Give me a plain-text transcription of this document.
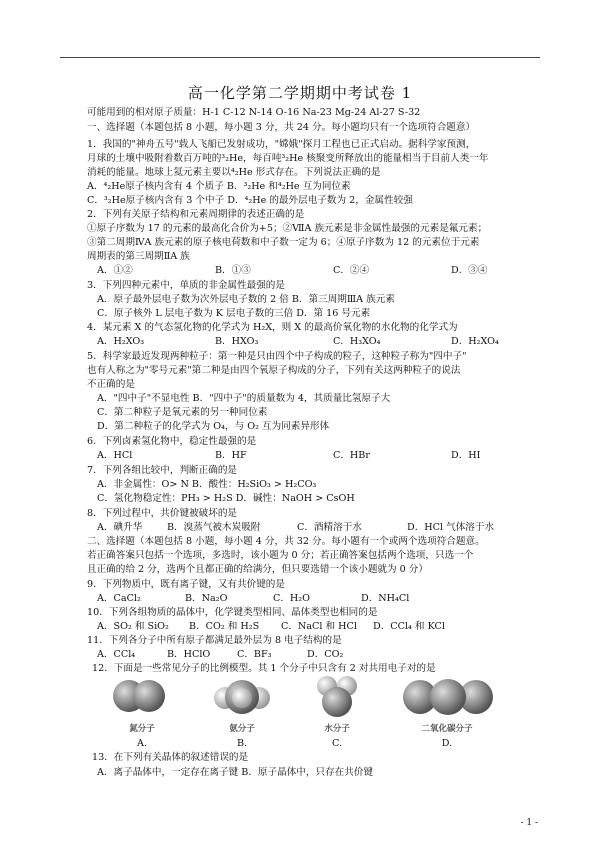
高一化学第二学期期中考试卷 1
可能用到的相对原子质量：H-1 C-12 N-14 O-16 Na-23 Mg-24 Al-27 S-32
一、选择题（本题包括 8 小题，每小题 3 分，共 24 分。每小题均只有一个选项符合题意）
1．我国的"神舟五号"载人飞船已发射成功，"嫦娥"探月工程也已正式启动。据科学家预测，
月球的土壤中吸附着数百万吨的³₂He，每百吨³₂He 核聚变所释放出的能量相当于目前人类一年
消耗的能量。地球上氦元素主要以⁴₂He 形式存在。下列说法正确的是
A．⁴₂He原子核内含有 4 个质子 B．³₂He 和⁴₂He 互为同位素
C．³₂He原子核内含有 3 个中子 D．⁴₂He 的最外层电子数为 2，金属性较强
2．下列有关原子结构和元素周期律的表述正确的是
①原子序数为 17 的元素的最高化合价为+5；②ⅦA 族元素是非金属性最强的元素是氟元素；
③第二周期ⅣA 族元素的原子核电荷数和中子数一定为 6；④原子序数为 12 的元素位于元素
周期表的第三周期ⅡA 族
A．①②	B．①③	C．②④	D．③④
3．下列四种元素中，单质的非金属性最强的是
A．原子最外层电子数为次外层电子数的 2 倍 B．第三周期ⅢA 族元素
C．原子核外 L 层电子数为 K 层电子数的三倍 D．第 16 号元素
4．某元素 X 的气态氢化物的化学式为 H₂X，则 X 的最高价氧化物的水化物的化学式为
A．H₂XO₃	B．HXO₃	C．H₃XO₄	D．H₂XO₄
5．科学家最近发现两种粒子：第一种是只由四个中子构成的粒子，这种粒子称为"四中子"
也有人称之为"零号元素"第二种是由四个氧原子构成的分子，下列有关这两种粒子的说法
不正确的是
A．"四中子"不显电性 B．"四中子"的质量数为 4，其质量比氢原子大
C．第二种粒子是氧元素的另一种同位素
D．第二种粒子的化学式为 O₄，与 O₂ 互为同素异形体
6．下列卤素氢化物中，稳定性最强的是
A．HCl	B．HF	C．HBr	D．HI
7．下列各组比较中，判断正确的是
A．非金属性：O> N B．酸性：H₂SiO₃ > H₂CO₃
C．氢化物稳定性：PH₃ > H₂S D．碱性：NaOH > CsOH
8．下列过程中，共价键被破坏的是
A．碘升华	B．溴蒸气被木炭吸附	C．酒精溶于水	D．HCl 气体溶于水
二、选择题（本题包括 8 小题，每小题 4 分，共 32 分。每小题有一个或两个选项符合题意。
若正确答案只包括一个选项，多选时，该小题为 0 分；若正确答案包括两个选项，只选一个
且正确的给 2 分，选两个且都正确的给满分，但只要选错一个该小题就为 0 分）
9．下列物质中，既有离子键，又有共价键的是
A．CaCl₂	B．Na₂O	C．H₂O	D．NH₄Cl
10．下列各组物质的晶体中，化学键类型相同、晶体类型也相同的是
A．SO₂ 和 SiO₂ B．CO₂ 和 H₂S C．NaCl 和 HCl D．CCl₄ 和 KCl
11．下列各分子中所有原子都满足最外层为 8 电子结构的是
A．CCl₄	B．HClO	C．BF₃	D．CO₂
12．下面是一些常见分子的比例模型。其 1 个分子中只含有 2 对共用电子对的是
氮分子
A.
氨分子
B.
水分子
C.
二氧化碳分子
D.
13．在下列有关晶体的叙述错误的是
A．离子晶体中，一定存在离子键 B．原子晶体中，只存在共价键
- 1 -
